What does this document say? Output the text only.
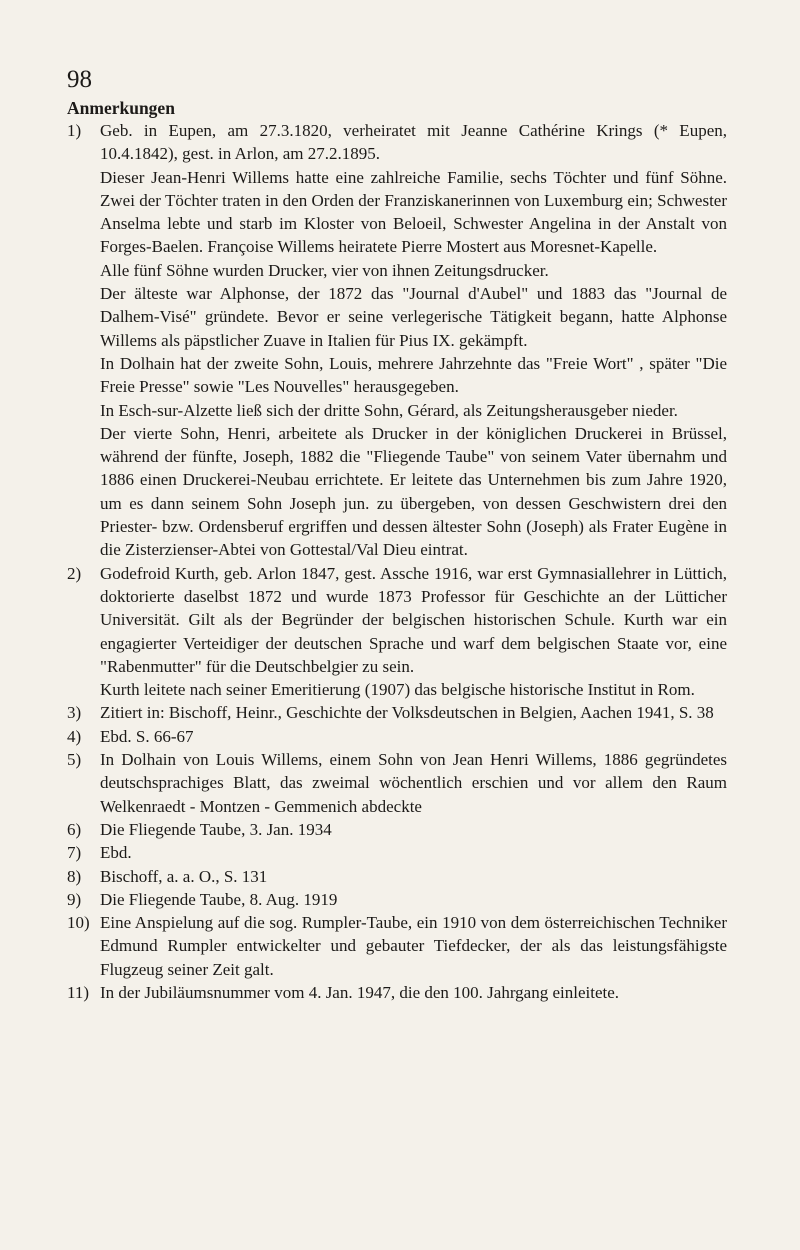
98
Anmerkungen
1)	Geb. in Eupen, am 27.3.1820, verheiratet mit Jeanne Cathérine Krings (* Eupen, 10.4.1842), gest. in Arlon, am 27.2.1895.

Dieser Jean-Henri Willems hatte eine zahlreiche Familie, sechs Töchter und fünf Söhne. Zwei der Töchter traten in den Orden der Franziskanerinnen von Luxemburg ein; Schwester Anselma lebte und starb im Kloster von Beloeil, Schwester Angelina in der Anstalt von Forges-Baelen. Françoise Willems heiratete Pierre Mostert aus Moresnet-Kapelle.

Alle fünf Söhne wurden Drucker, vier von ihnen Zeitungsdrucker.

Der älteste war Alphonse, der 1872 das "Journal d'Aubel" und 1883 das "Journal de Dalhem-Visé" gründete. Bevor er seine verlegerische Tätigkeit begann, hatte Alphonse Willems als päpstlicher Zuave in Italien für Pius IX. gekämpft.

In Dolhain hat der zweite Sohn, Louis, mehrere Jahrzehnte das "Freie Wort" , später "Die Freie Presse" sowie "Les Nouvelles" herausgegeben.

In Esch-sur-Alzette ließ sich der dritte Sohn, Gérard, als Zeitungsherausgeber nieder.

Der vierte Sohn, Henri, arbeitete als Drucker in der königlichen Druckerei in Brüssel, während der fünfte, Joseph, 1882 die "Fliegende Taube" von seinem Vater übernahm und 1886 einen Druckerei-Neubau errichtete. Er leitete das Unternehmen bis zum Jahre 1920, um es dann seinem Sohn Joseph jun. zu übergeben, von dessen Geschwistern drei den Priester- bzw. Ordensberuf ergriffen und dessen ältester Sohn (Joseph) als Frater Eugène in die Zisterzienser-Abtei von Gottestal/Val Dieu eintrat.

2)	Godefroid Kurth, geb. Arlon 1847, gest. Assche 1916, war erst Gymnasiallehrer in Lüttich, doktorierte daselbst 1872 und wurde 1873 Professor für Geschichte an der Lütticher Universität. Gilt als der Begründer der belgischen historischen Schule. Kurth war ein engagierter Verteidiger der deutschen Sprache und warf dem belgischen Staate vor, eine "Rabenmutter" für die Deutschbelgier zu sein.

Kurth leitete nach seiner Emeritierung (1907) das belgische historische Institut in Rom.

3)	Zitiert in: Bischoff, Heinr., Geschichte der Volksdeutschen in Belgien, Aachen 1941, S. 38

4)	Ebd. S. 66-67

5)	In Dolhain von Louis Willems, einem Sohn von Jean Henri Willems, 1886 gegründetes deutschsprachiges Blatt, das zweimal wöchentlich erschien und vor allem den Raum Welkenraedt - Montzen - Gemmenich abdeckte

6)	Die Fliegende Taube, 3. Jan. 1934

7)	Ebd.

8)	Bischoff, a. a. O., S. 131

9)	Die Fliegende Taube, 8. Aug. 1919

10) Eine Anspielung auf die sog. Rumpler-Taube, ein 1910 von dem österreichischen Techniker Edmund Rumpler entwickelter und gebauter Tiefdecker, der als das leistungsfähigste Flugzeug seiner Zeit galt.

11) In der Jubiläumsnummer vom 4. Jan. 1947, die den 100. Jahrgang einleitete.
